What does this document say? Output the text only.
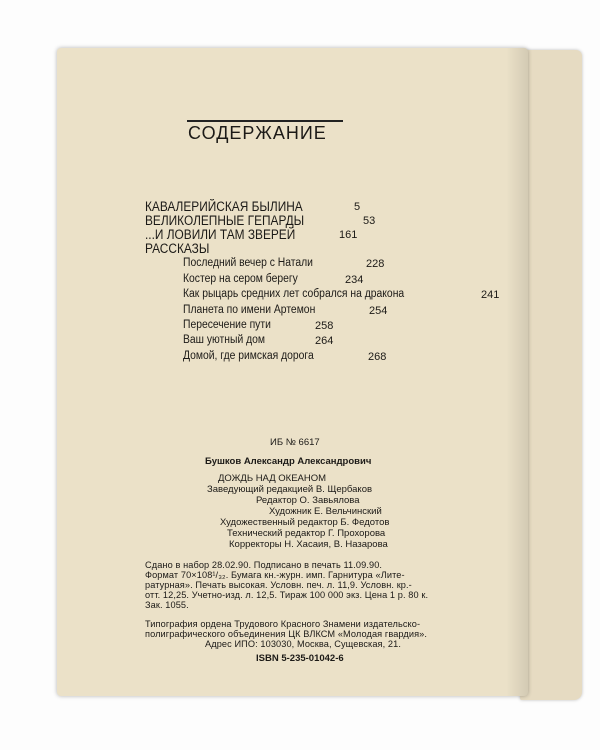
СОДЕРЖАНИЕ
КАВАЛЕРИЙСКАЯ БЫЛИНА	5
ВЕЛИКОЛЕПНЫЕ ГЕПАРДЫ	53
...И ЛОВИЛИ ТАМ ЗВЕРЕЙ	161
РАССКАЗЫ
Последний вечер с Натали	228
Костер на сером берегу	234
Как рыцарь средних лет собрался на дракона	241
Планета по имени Артемон	254
Пересечение пути	258
Ваш уютный дом	264
Домой, где римская дорога	268
ИБ № 6617
Бушков Александр Александрович
ДОЖДЬ НАД ОКЕАНОМ
Заведующий редакцией В. Щербаков
Редактор О. Завьялова
Художник Е. Вельчинский
Художественный редактор Б. Федотов
Технический редактор Г. Прохорова
Корректоры Н. Хасаия, В. Назарова
Сдано в набор 28.02.90. Подписано в печать 11.09.90.
Формат 70×108¹/₃₂. Бумага кн.-журн. имп. Гарнитура «Лите-
ратурная». Печать высокая. Условн. печ. л. 11,9. Условн. кр.-
отт. 12,25. Учетно-изд. л. 12,5. Тираж 100 000 экз. Цена 1 р. 80 к.
Зак. 1055.
Типография ордена Трудового Красного Знамени издательско-
полиграфического объединения ЦК ВЛКСМ «Молодая гвардия».
Адрес ИПО: 103030, Москва, Сущевская, 21.
ISBN 5-235-01042-6
